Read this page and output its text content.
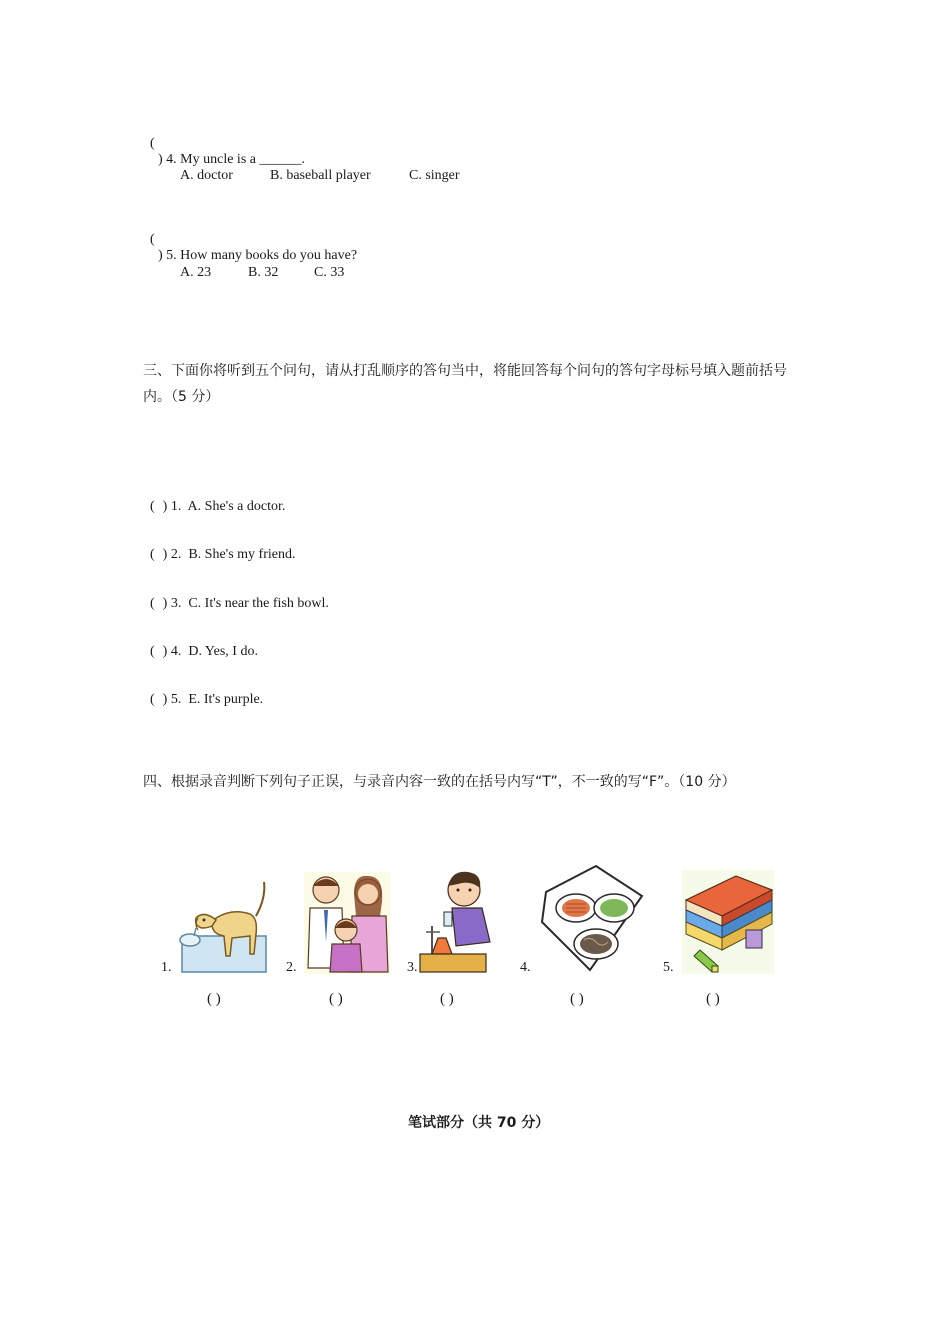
(
) 4. My uncle is a ______.

A. doctor	B. baseball player	C. singer

(
) 5. How many books do you have?

A. 23	B. 32	C. 33
三、下面你将听到五个问句，请从打乱顺序的答句当中，将能回答每个问句的答句字母标号填入题前括号
内。（5 分）

( ) 1.  A. She's a doctor.

( ) 2.  B. She's my friend.

( ) 3.  C. It's near the fish bowl.

( ) 4.  D. Yes, I do.

( ) 5.  E. It's purple.

四、根据录音判断下列句子正误，与录音内容一致的在括号内写“T”，不一致的写“F”。（10 分）
1.
( )
2.
( )
3.
( )
4.
( )
5.
( )
笔试部分（共 70 分）
